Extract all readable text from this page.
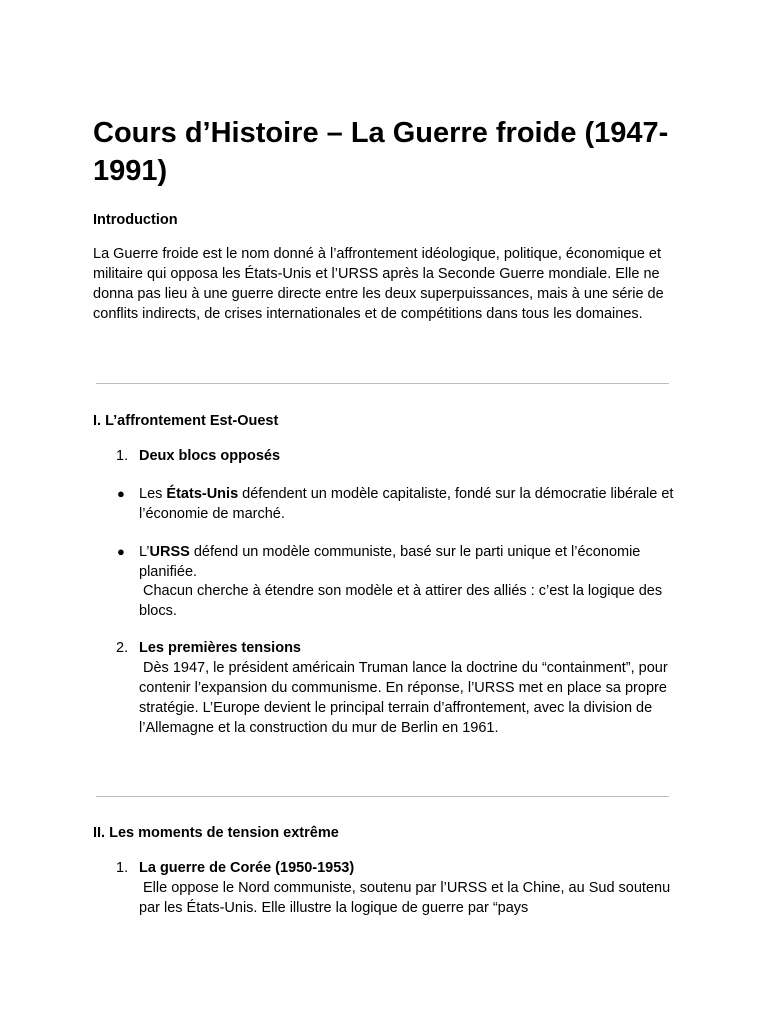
Cours d’Histoire – La Guerre froide (1947-1991)

Introduction

La Guerre froide est le nom donné à l’affrontement idéologique, politique, économique et militaire qui opposa les États-Unis et l’URSS après la Seconde Guerre mondiale. Elle ne donna pas lieu à une guerre directe entre les deux superpuissances, mais à une série de conflits indirects, de crises internationales et de compétitions dans tous les domaines.

I. L’affrontement Est-Ouest

1. Deux blocs opposés

● Les États-Unis défendent un modèle capitaliste, fondé sur la démocratie libérale et l’économie de marché.

● L’URSS défend un modèle communiste, basé sur le parti unique et l’économie planifiée.

Chacun cherche à étendre son modèle et à attirer des alliés : c’est la logique des blocs.

2. Les premières tensions

Dès 1947, le président américain Truman lance la doctrine du “containment”, pour contenir l’expansion du communisme. En réponse, l’URSS met en place sa propre stratégie. L’Europe devient le principal terrain d’affrontement, avec la division de l’Allemagne et la construction du mur de Berlin en 1961.

II. Les moments de tension extrême

1. La guerre de Corée (1950-1953)

Elle oppose le Nord communiste, soutenu par l’URSS et la Chine, au Sud soutenu par les États-Unis. Elle illustre la logique de guerre par “pays
